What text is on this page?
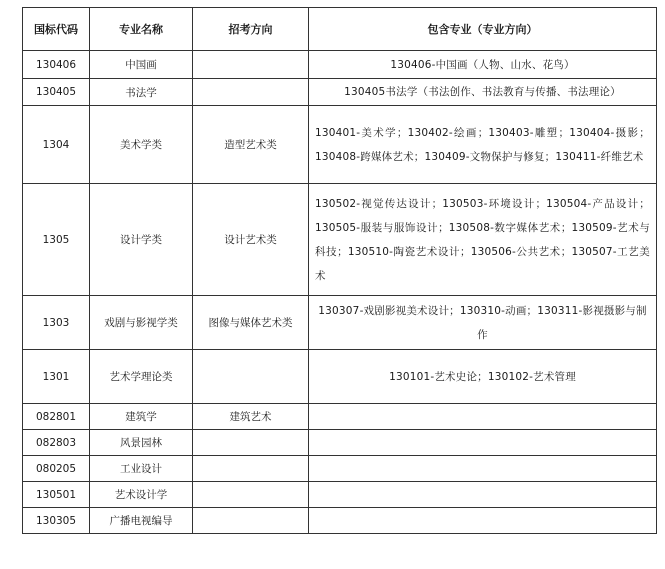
国标代码	专业名称	招考方向	包含专业（专业方向）
130406	中国画		130406-中国画（人物、山水、花鸟）
130405	书法学		130405书法学（书法创作、书法教育与传播、书法理论）
1304	美术学类	造型艺术类	130401-美术学；130402-绘画；130403-雕塑；130404-摄影；130408-跨媒体艺术；130409-文物保护与修复；130411-纤维艺术
1305	设计学类	设计艺术类	130502-视觉传达设计；130503-环境设计；130504-产品设计；130505-服装与服饰设计；130508-数字媒体艺术；130509-艺术与科技；130510-陶瓷艺术设计；130506-公共艺术；130507-工艺美术
1303	戏剧与影视学类	图像与媒体艺术类	130307-戏剧影视美术设计；130310-动画；130311-影视摄影与制作
1301	艺术学理论类		130101-艺术史论；130102-艺术管理
082801	建筑学	建筑艺术	
082803	风景园林		
080205	工业设计		
130501	艺术设计学		
130305	广播电视编导		
